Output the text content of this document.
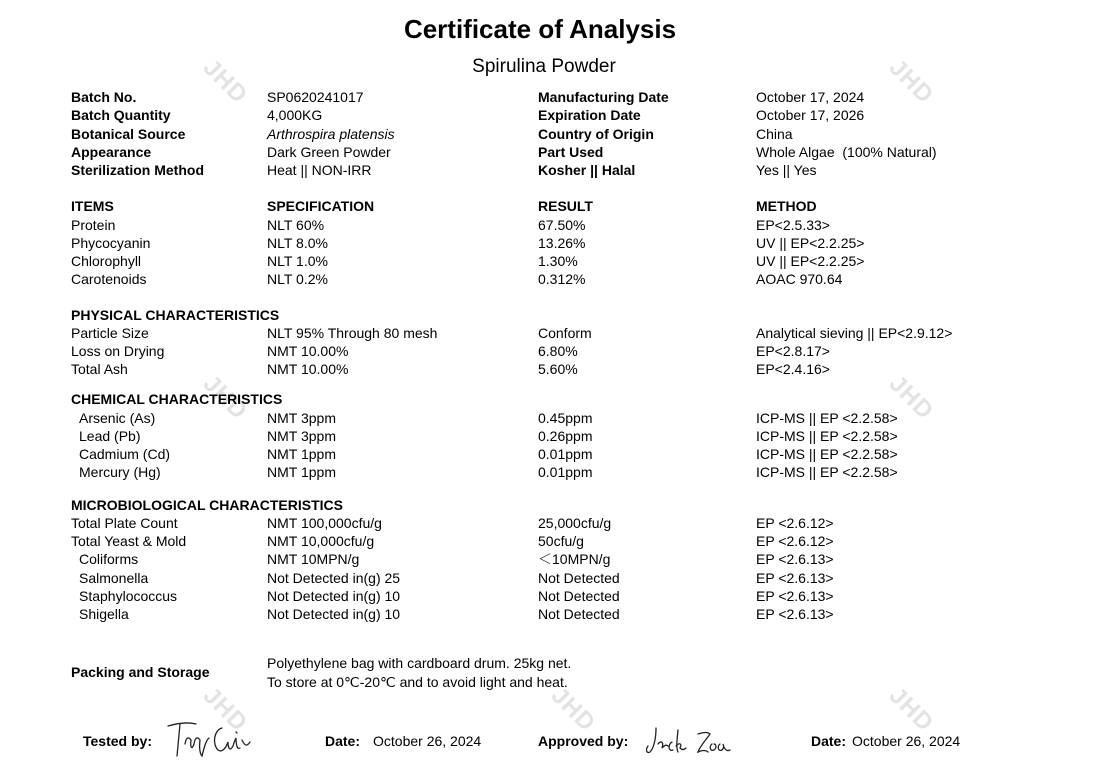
JHD	JHD
JHD	JHD
JHD	JHD	JHD
Certificate of Analysis
Spirulina Powder
Batch No.	SP0620241017	Manufacturing Date	October 17, 2024
Batch Quantity	4,000KG	Expiration Date	October 17, 2026
Botanical Source	Arthrospira platensis	Country of Origin	China
Appearance	Dark Green Powder	Part Used	Whole Algae  (100% Natural)
Sterilization Method	Heat || NON-IRR	Kosher || Halal	Yes || Yes
ITEMS	SPECIFICATION	RESULT	METHOD
Protein	NLT 60%	67.50%	EP<2.5.33>
Phycocyanin	NLT 8.0%	13.26%	UV || EP<2.2.25>
Chlorophyll	NLT 1.0%	1.30%	UV || EP<2.2.25>
Carotenoids	NLT 0.2%	0.312%	AOAC 970.64
PHYSICAL CHARACTERISTICS
Particle Size	NLT 95% Through 80 mesh	Conform	Analytical sieving || EP<2.9.12>
Loss on Drying	NMT 10.00%	6.80%	EP<2.8.17>
Total Ash	NMT 10.00%	5.60%	EP<2.4.16>
CHEMICAL CHARACTERISTICS
Arsenic (As)	NMT 3ppm	0.45ppm	ICP-MS || EP <2.2.58>
Lead (Pb)	NMT 3ppm	0.26ppm	ICP-MS || EP <2.2.58>
Cadmium (Cd)	NMT 1ppm	0.01ppm	ICP-MS || EP <2.2.58>
Mercury (Hg)	NMT 1ppm	0.01ppm	ICP-MS || EP <2.2.58>
MICROBIOLOGICAL CHARACTERISTICS
Total Plate Count	NMT 100,000cfu/g	25,000cfu/g	EP <2.6.12>
Total Yeast & Mold	NMT 10,000cfu/g	50cfu/g	EP <2.6.12>
Coliforms	NMT 10MPN/g	＜10MPN/g	EP <2.6.13>
Salmonella	Not Detected in(g) 25	Not Detected	EP <2.6.13>
Staphylococcus	Not Detected in(g) 10	Not Detected	EP <2.6.13>
Shigella	Not Detected in(g) 10	Not Detected	EP <2.6.13>
Packing and Storage
Polyethylene bag with cardboard drum. 25kg net.
To store at 0℃-20℃ and to avoid light and heat.
Tested by:	Date: October 26, 2024	Approved by:	Date: October 26, 2024
